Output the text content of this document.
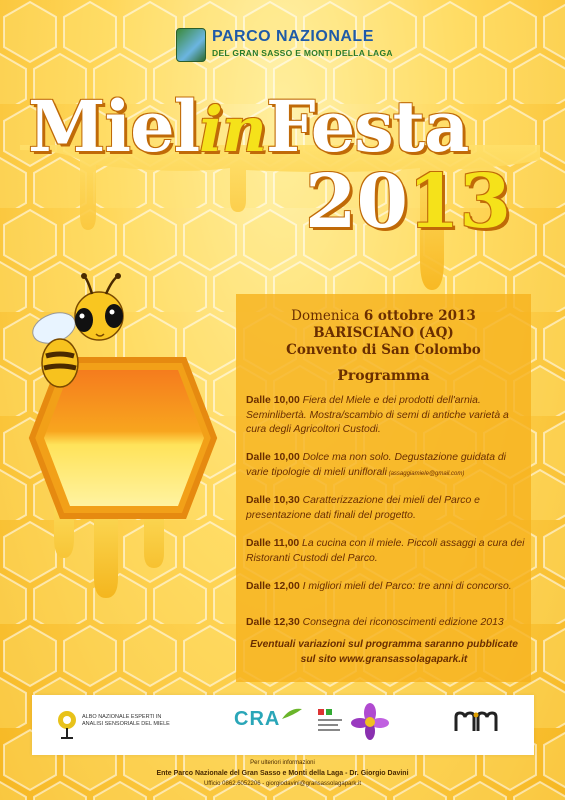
PARCO NAZIONALE
DEL GRAN SASSO E MONTI DELLA LAGA
MielinFesta
2013
Domenica 6 ottobre 2013
BARISCIANO (AQ)
Convento di San Colombo
Programma
Dalle 10,00 Fiera del Miele e dei prodotti dell'arnia. Seminlibertà. Mostra/scambio di semi di antiche varietà a cura degli Agricoltori Custodi.
Dalle 10,00 Dolce ma non solo. Degustazione guidata di varie tipologie di mieli uniflorali (assaggiamiele@gmail.com)
Dalle 10,30 Caratterizzazione dei mieli del Parco e presentazione dati finali del progetto.
Dalle 11,00 La cucina con il miele. Piccoli assaggi a cura dei Ristoranti Custodi del Parco.
Dalle 12,00 I migliori mieli del Parco: tre anni di concorso.
Dalle 12,30 Consegna dei riconoscimenti edizione 2013
Eventuali variazioni sul programma saranno pubblicate sul sito www.gransassolagapark.it
ALBO NAZIONALE ESPERTI IN ANALISI SENSORIALE DEL MIELE	CRA
Per ulteriori informazioni
Ente Parco Nazionale del Gran Sasso e Monti della Laga - Dr. Giorgio Davini
Ufficio 0862.6052206 - giorgiodavini@gransassolagapark.it
